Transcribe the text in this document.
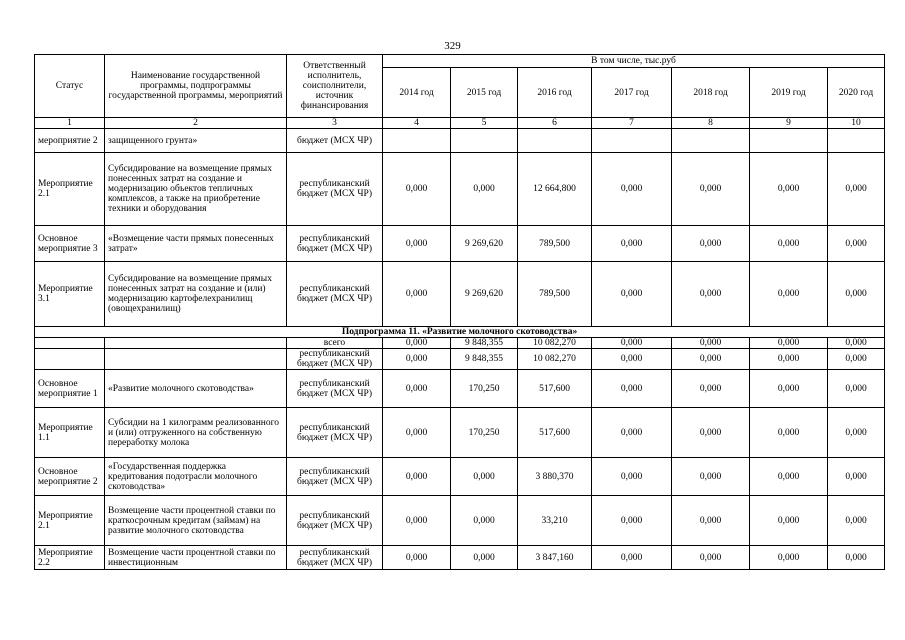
329
Статус	Наименование государственной программы, подпрограммы государственной программы, мероприятий	Ответственный исполнитель, соисполнители, источник финансирования	В том числе, тыс.руб						
			2014 год	2015 год	2016 год	2017 год	2018 год	2019 год	2020 год
1	2	3	4	5	6	7	8	9	10
мероприятие 2	защищенного грунта»	бюджет (МСХ ЧР)							
Мероприятие 2.1	Субсидирование на возмещение прямых понесенных затрат на создание и модернизацию объектов тепличных комплексов, а также на приобретение техники и оборудования	республиканский бюджет (МСХ ЧР)	0,000	0,000	12 664,800	0,000	0,000	0,000	0,000
Основное мероприятие 3	«Возмещение части прямых понесенных затрат»	республиканский бюджет (МСХ ЧР)	0,000	9 269,620	789,500	0,000	0,000	0,000	0,000
Мероприятие 3.1	Субсидирование на возмещение прямых понесенных затрат на создание и (или) модернизацию картофелехранилищ (овощехранилищ)	республиканский бюджет (МСХ ЧР)	0,000	9 269,620	789,500	0,000	0,000	0,000	0,000
Подпрограмма 11. «Развитие молочного скотоводства»									
		всего	0,000	9 848,355	10 082,270	0,000	0,000	0,000	0,000
		республиканский бюджет (МСХ ЧР)	0,000	9 848,355	10 082,270	0,000	0,000	0,000	0,000
Основное мероприятие 1	«Развитие молочного скотоводства»	республиканский бюджет (МСХ ЧР)	0,000	170,250	517,600	0,000	0,000	0,000	0,000
Мероприятие 1.1	Субсидии на 1 килограмм реализованного и (или) отгруженного на собственную переработку молока	республиканский бюджет (МСХ ЧР)	0,000	170,250	517,600	0,000	0,000	0,000	0,000
Основное мероприятие 2	«Государственная поддержка кредитования подотрасли молочного скотоводства»	республиканский бюджет (МСХ ЧР)	0,000	0,000	3 880,370	0,000	0,000	0,000	0,000
Мероприятие 2.1	Возмещение части процентной ставки по краткосрочным кредитам (займам) на развитие молочного скотоводства	республиканский бюджет (МСХ ЧР)	0,000	0,000	33,210	0,000	0,000	0,000	0,000
Мероприятие 2.2	Возмещение части процентной ставки по инвестиционным	республиканский бюджет (МСХ ЧР)	0,000	0,000	3 847,160	0,000	0,000	0,000	0,000
